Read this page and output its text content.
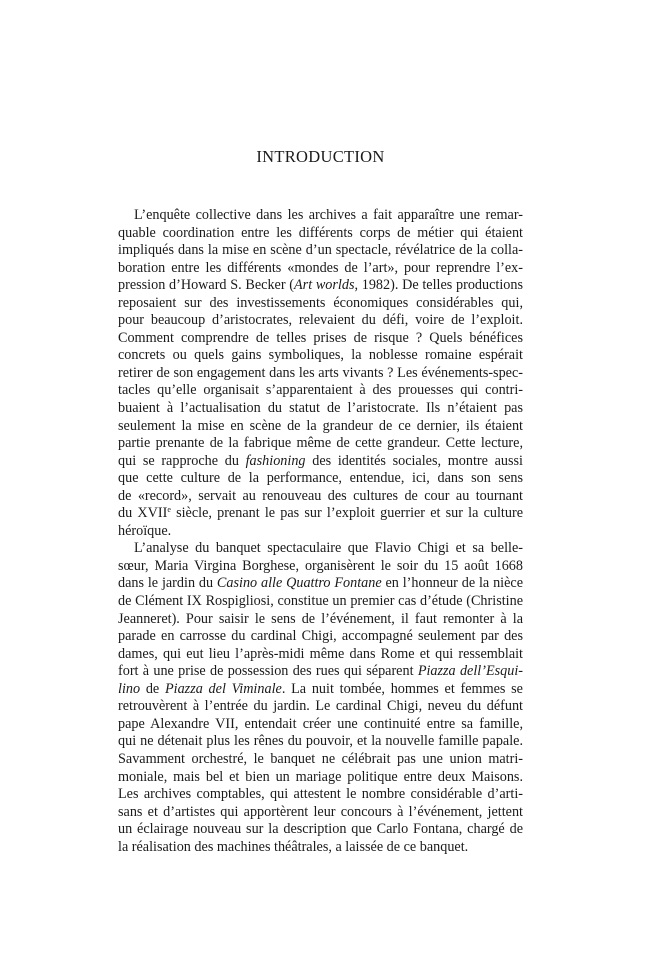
INTRODUCTION
L’enquête collective dans les archives a fait apparaître une remar-
quable coordination entre les différents corps de métier qui étaient
impliqués dans la mise en scène d’un spectacle, révélatrice de la colla-
boration entre les différents «mondes de l’art», pour reprendre l’ex-
pression d’Howard S. Becker (Art worlds, 1982). De telles productions
reposaient sur des investissements économiques considérables qui,
pour beaucoup d’aristocrates, relevaient du défi, voire de l’exploit.
Comment comprendre de telles prises de risque ? Quels bénéfices
concrets ou quels gains symboliques, la noblesse romaine espérait
retirer de son engagement dans les arts vivants ? Les événements-spec-
tacles qu’elle organisait s’apparentaient à des prouesses qui contri-
buaient à l’actualisation du statut de l’aristocrate. Ils n’étaient pas
seulement la mise en scène de la grandeur de ce dernier, ils étaient
partie prenante de la fabrique même de cette grandeur. Cette lecture,
qui se rapproche du fashioning des identités sociales, montre aussi
que cette culture de la performance, entendue, ici, dans son sens
de «record», servait au renouveau des cultures de cour au tournant
du XVIIe siècle, prenant le pas sur l’exploit guerrier et sur la culture
héroïque.
L’analyse du banquet spectaculaire que Flavio Chigi et sa belle-
sœur, Maria Virgina Borghese, organisèrent le soir du 15 août 1668
dans le jardin du Casino alle Quattro Fontane en l’honneur de la nièce
de Clément IX Rospigliosi, constitue un premier cas d’étude (Christine
Jeanneret). Pour saisir le sens de l’événement, il faut remonter à la
parade en carrosse du cardinal Chigi, accompagné seulement par des
dames, qui eut lieu l’après-midi même dans Rome et qui ressemblait
fort à une prise de possession des rues qui séparent Piazza dell’Esqui-
lino de Piazza del Viminale. La nuit tombée, hommes et femmes se
retrouvèrent à l’entrée du jardin. Le cardinal Chigi, neveu du défunt
pape Alexandre VII, entendait créer une continuité entre sa famille,
qui ne détenait plus les rênes du pouvoir, et la nouvelle famille papale.
Savamment orchestré, le banquet ne célébrait pas une union matri-
moniale, mais bel et bien un mariage politique entre deux Maisons.
Les archives comptables, qui attestent le nombre considérable d’arti-
sans et d’artistes qui apportèrent leur concours à l’événement, jettent
un éclairage nouveau sur la description que Carlo Fontana, chargé de
la réalisation des machines théâtrales, a laissée de ce banquet.
